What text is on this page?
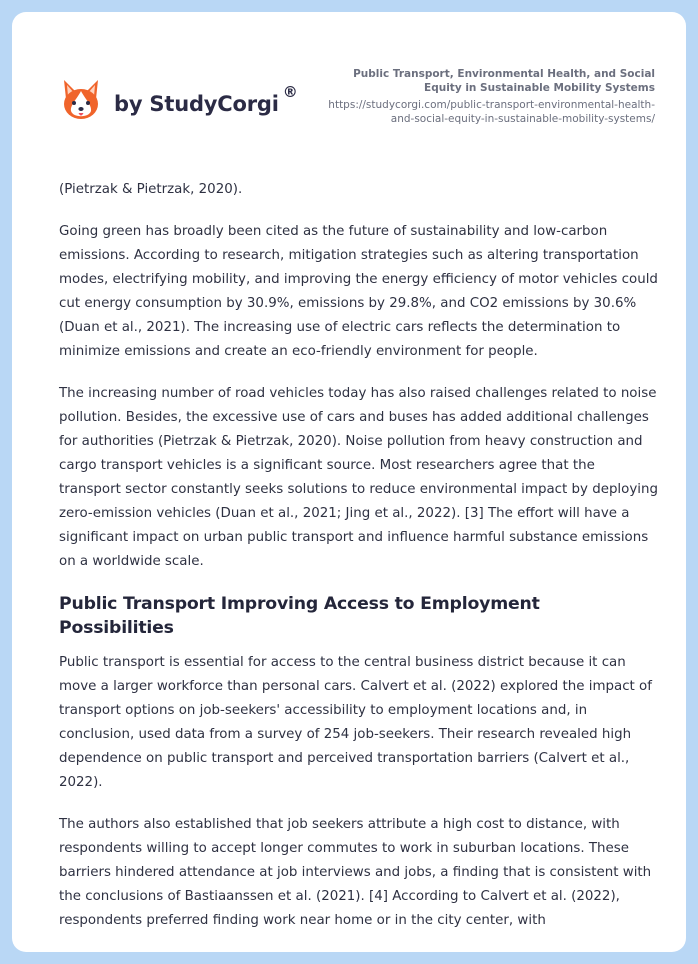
by StudyCorgi ®
Public Transport, Environmental Health, and Social Equity in Sustainable Mobility Systems
https://studycorgi.com/public-transport-environmental-health-and-social-equity-in-sustainable-mobility-systems/

(Pietrzak & Pietrzak, 2020).

Going green has broadly been cited as the future of sustainability and low-carbon emissions. According to research, mitigation strategies such as altering transportation modes, electrifying mobility, and improving the energy efficiency of motor vehicles could cut energy consumption by 30.9%, emissions by 29.8%, and CO2 emissions by 30.6% (Duan et al., 2021). The increasing use of electric cars reflects the determination to minimize emissions and create an eco-friendly environment for people.

The increasing number of road vehicles today has also raised challenges related to noise pollution. Besides, the excessive use of cars and buses has added additional challenges for authorities (Pietrzak & Pietrzak, 2020). Noise pollution from heavy construction and cargo transport vehicles is a significant source. Most researchers agree that the transport sector constantly seeks solutions to reduce environmental impact by deploying zero-emission vehicles (Duan et al., 2021; Jing et al., 2022). [3] The effort will have a significant impact on urban public transport and influence harmful substance emissions on a worldwide scale.

Public Transport Improving Access to Employment Possibilities

Public transport is essential for access to the central business district because it can move a larger workforce than personal cars. Calvert et al. (2022) explored the impact of transport options on job-seekers' accessibility to employment locations and, in conclusion, used data from a survey of 254 job-seekers. Their research revealed high dependence on public transport and perceived transportation barriers (Calvert et al., 2022).

The authors also established that job seekers attribute a high cost to distance, with respondents willing to accept longer commutes to work in suburban locations. These barriers hindered attendance at job interviews and jobs, a finding that is consistent with the conclusions of Bastiaanssen et al. (2021). [4] According to Calvert et al. (2022), respondents preferred finding work near home or in the city center, with
